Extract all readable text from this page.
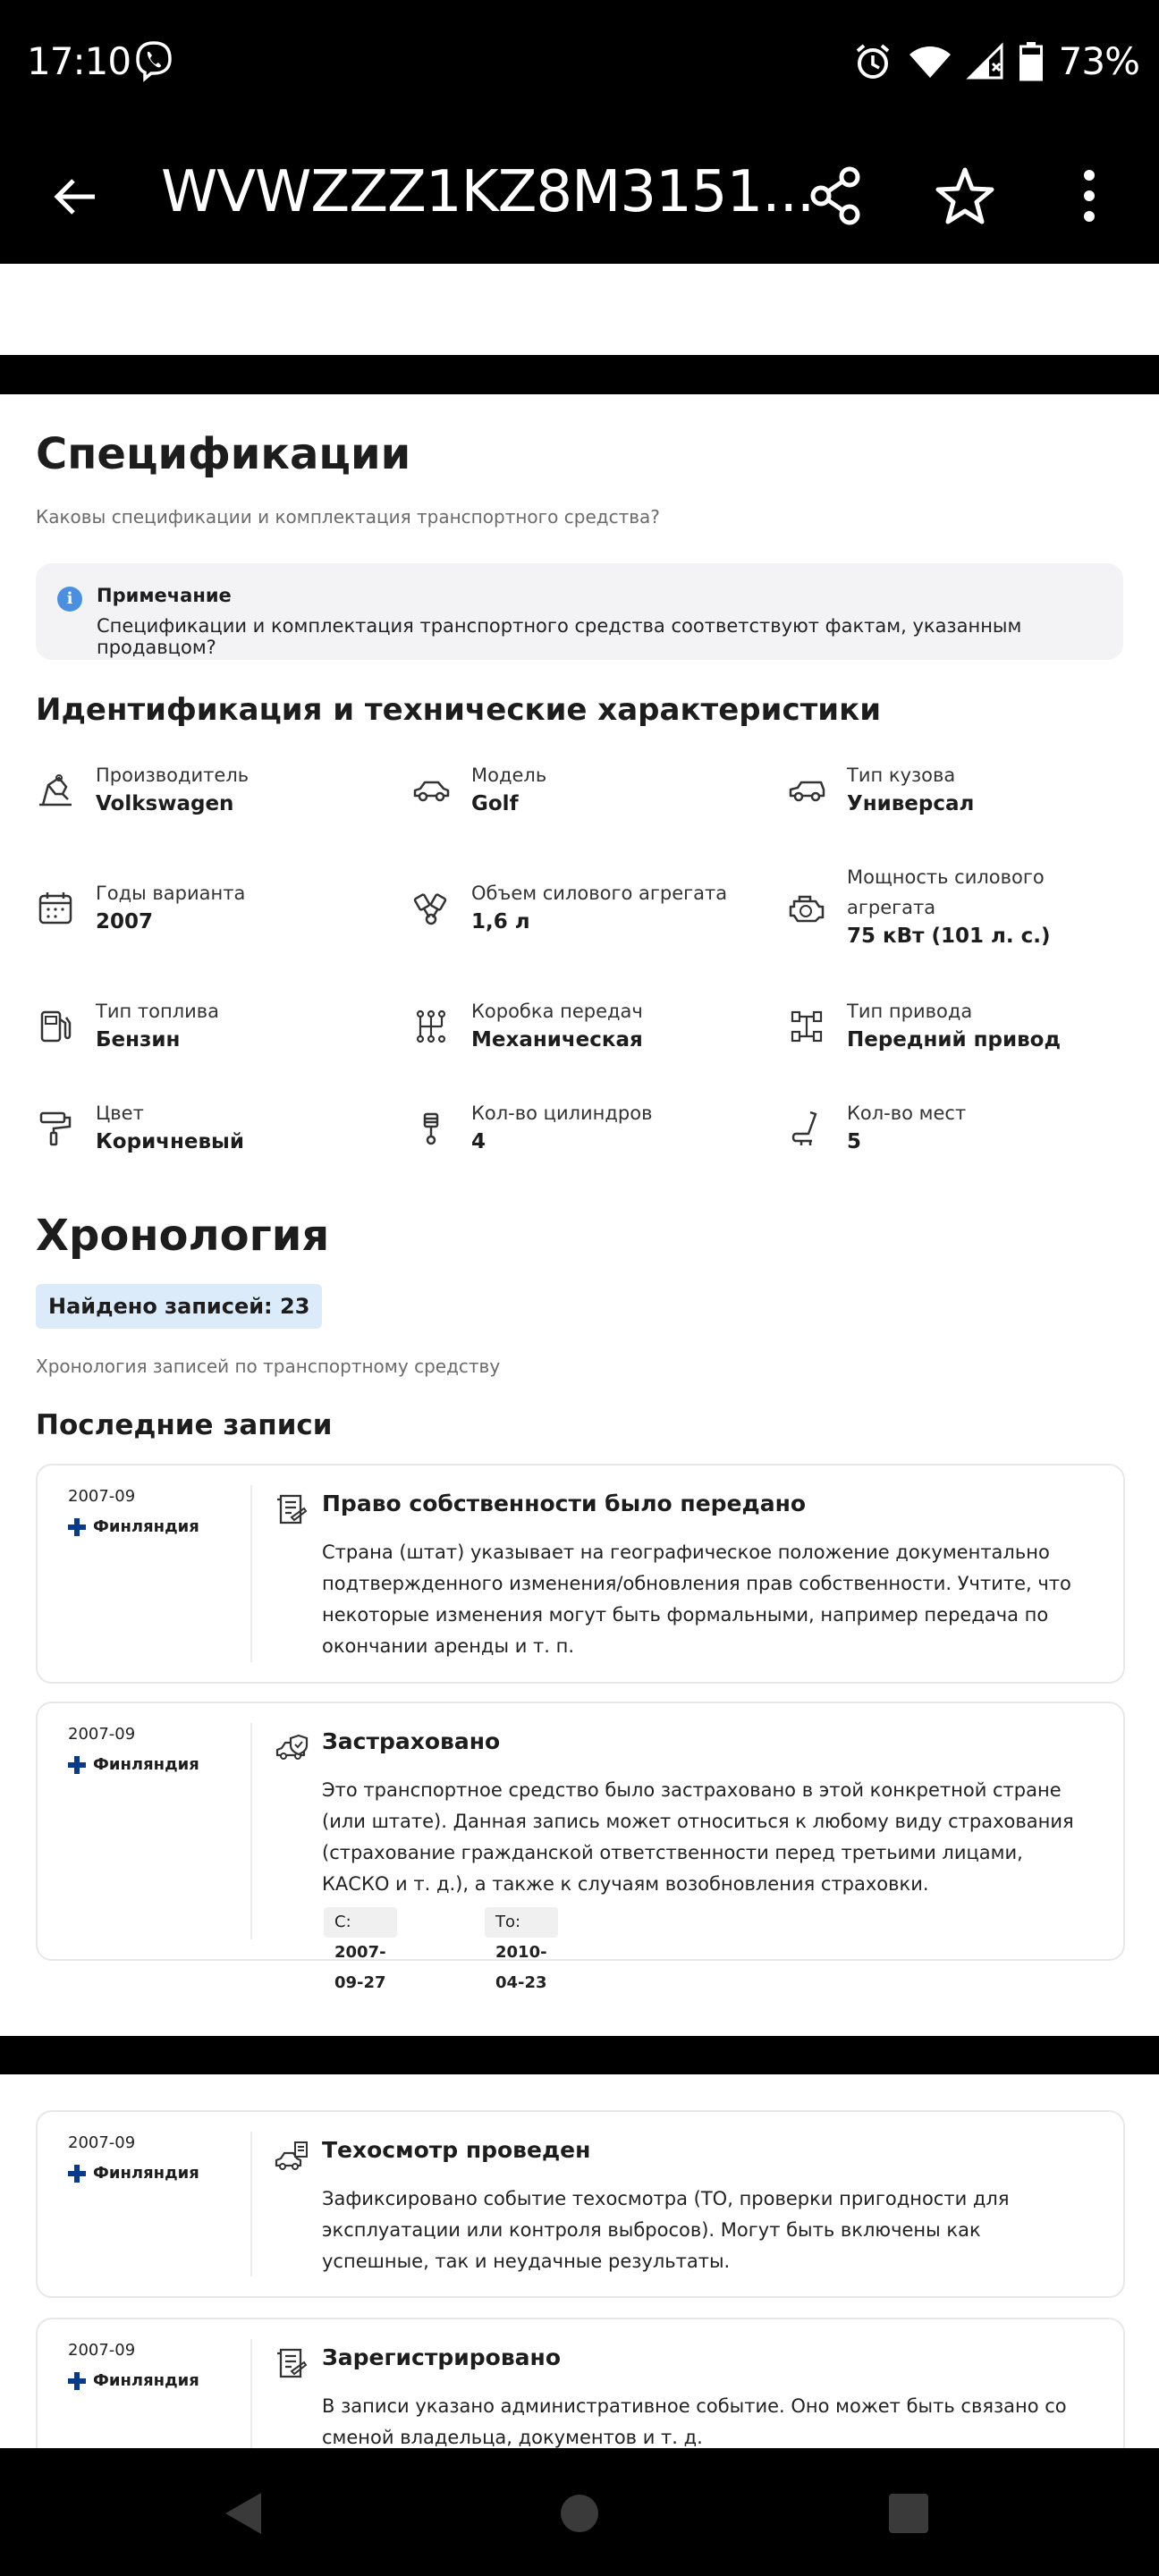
17:10	73%
WVWZZZ1KZ8M3151...
Спецификации
Каковы спецификации и комплектация транспортного средства?
i	Примечание
Спецификации и комплектация транспортного средства соответствуют фактам, указанным продавцом?
Идентификация и технические характеристики
Производитель
Volkswagen
Модель
Golf
Тип кузова
Универсал
Годы варианта
2007
Объем силового агрегата
1,6 л
Мощность силового агрегата
75 кВт (101 л. с.)
Тип топлива
Бензин
Коробка передач
Механическая
Тип привода
Передний привод
Цвет
Коричневый
Кол-во цилиндров
4
Кол-во мест
5
Хронология
Найдено записей: 23
Хронология записей по транспортному средству
Последние записи
2007-09
Финляндия
Право собственности было передано
Страна (штат) указывает на географическое положение документально подтвержденного изменения/обновления прав собственности. Учтите, что некоторые изменения могут быть формальными, например передача по окончании аренды и т. п.
2007-09
Финляндия
Застраховано
Это транспортное средство было застраховано в этой конкретной стране (или штате). Данная запись может относиться к любому виду страхования (страхование гражданской ответственности перед третьими лицами, КАСКО и т. д.), а также к случаям возобновления страховки.
С: 2007-09-27
То: 2010-04-23
2007-09
Финляндия
Техосмотр проведен
Зафиксировано событие техосмотра (ТО, проверки пригодности для эксплуатации или контроля выбросов). Могут быть включены как успешные, так и неудачные результаты.
2007-09
Финляндия
Зарегистрировано
В записи указано административное событие. Оно может быть связано со сменой владельца, документов и т. д.
